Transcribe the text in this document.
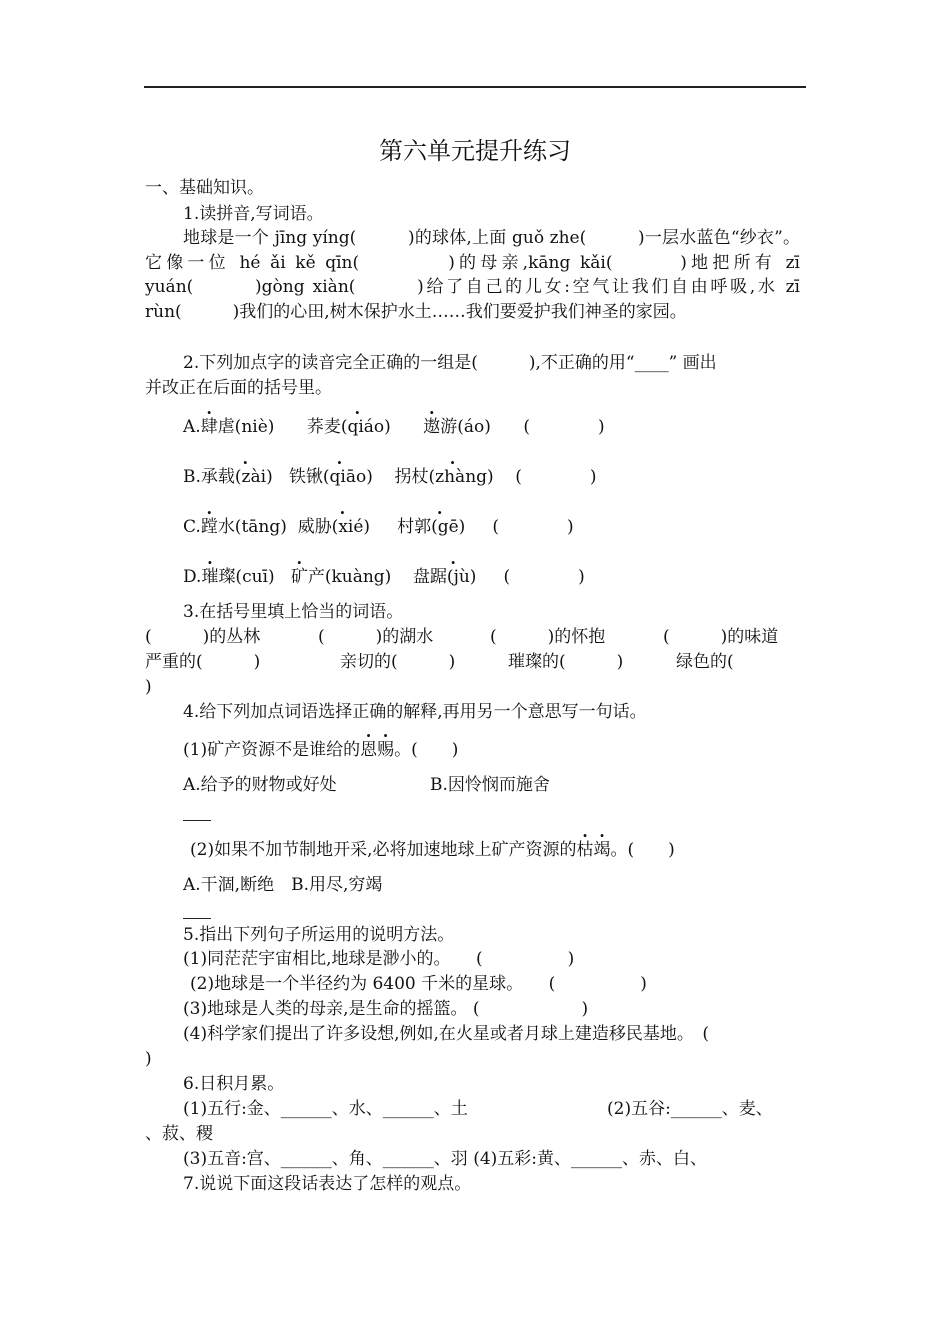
第六单元提升练习
一、基础知识。
1.读拼音,写词语。
地球是一个 jīng yíng(　　　)的球体,上面 guǒ zhe(　　　)一层水蓝色“纱衣”。它像一位 hé ǎi kě qīn(　　　　)的母亲,kāng kǎi(　　　)地把所有 zī yuán(　　　)gòng xiàn(　　　)给了自己的儿女:空气让我们自由呼吸,水 zī rùn(　　　)我们的心田,树木保护水土……我们要爱护我们神圣的家园。
2.下列加点字的读音完全正确的一组是(　　　),不正确的用“____” 画出
并改正在后面的括号里。
A.肆虐(niè) 荞. 麦(qiáo) 遨游(áo) (　　　　)
B.承. 载(zài) 铁. 锹(qiāo) 拐. 杖(zhàng) (　　　　)
C.蹚水(tāng) 威. 胁(xié) 村. 郭(gē) (　　　　)
D.璀璨(cuī) 矿产(kuàng) 盘. 踞(jù) (　　　　)
3.在括号里填上恰当的词语。
(　　　)的丛林	(　　　)的湖水	(　　　)的怀抱	(　　　)的味道
严重的(　　　)	亲切的(　　　)	璀璨的(　　　)	绿色的(
)
4.给下列加点词语选择正确的解释,再用另一个意思写一句话。
(1)矿产资源不是谁给的恩赐。(　　)
A.给予的财物或好处	B.因怜悯而施舍
(2)如果不加节制地开采,必将加速地球上矿产资源的枯竭。(　　)
A.干涸,断绝　B.用尽,穷竭
5.指出下列句子所运用的说明方法。
(1)同茫茫宇宙相比,地球是渺小的。　　(　　　　　)
(2)地球是一个半径约为 6400 千米的星球。　　(　　　　　)
(3)地球是人类的母亲,是生命的摇篮。 (　　　　　　)
(4)科学家们提出了许多设想,例如,在火星或者月球上建造移民基地。　(
)
6.日积月累。
(1)五行:金、______、水、______、土	(2)五谷:______、麦、
、菽、稷
(3)五音:宫、______、角、______、羽 (4)五彩:黄、______、赤、白、
7.说说下面这段话表达了怎样的观点。
